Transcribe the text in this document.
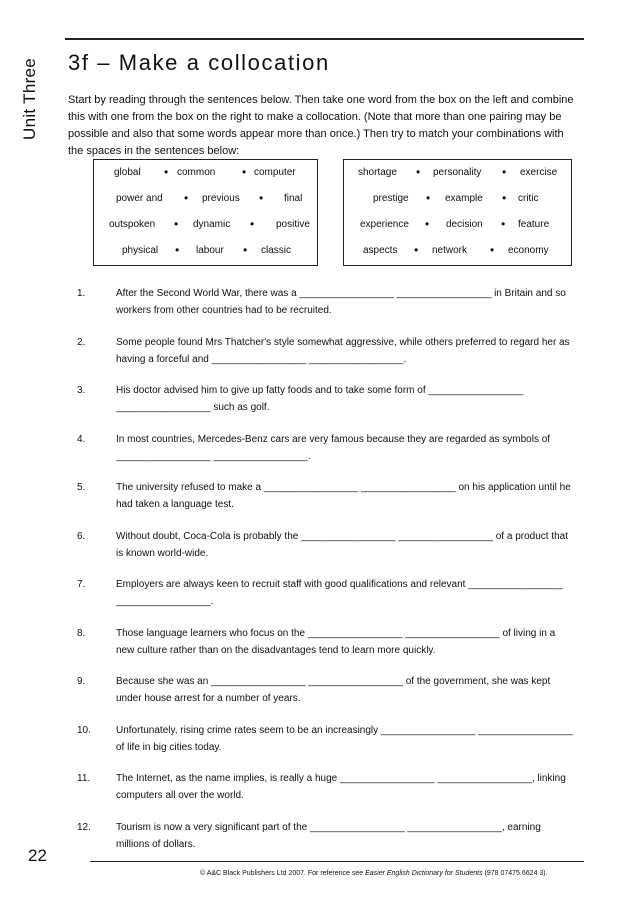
Unit Three	3f – Make a collocation
Start by reading through the sentences below. Then take one word from the box on the left and combine this with one from the box on the right to make a collocation. (Note that more than one pairing may be possible and also that some words appear more than once.) Then try to match your combinations with the spaces in the sentences below:
global • common • computer
power and • previous • final
outspoken • dynamic • positive
physical • labour • classic
shortage • personality • exercise
prestige • example • critic
experience • decision • feature
aspects • network • economy
1.	After the Second World War, there was a _________________ _________________ in Britain and so workers from other countries had to be recruited.
2.	Some people found Mrs Thatcher's style somewhat aggressive, while others preferred to regard her as having a forceful and _________________ _________________.
3.	His doctor advised him to give up fatty foods and to take some form of _________________ _________________ such as golf.
4.	In most countries, Mercedes-Benz cars are very famous because they are regarded as symbols of _________________ _________________.
5.	The university refused to make a _________________ _________________ on his application until he had taken a language test.
6.	Without doubt, Coca-Cola is probably the _________________ _________________ of a product that is known world-wide.
7.	Employers are always keen to recruit staff with good qualifications and relevant _________________ _________________.
8.	Those language learners who focus on the _________________ _________________ of living in a new culture rather than on the disadvantages tend to learn more quickly.
9.	Because she was an _________________ _________________ of the government, she was kept under house arrest for a number of years.
10.	Unfortunately, rising crime rates seem to be an increasingly _________________ _________________ of life in big cities today.
11.	The Internet, as the name implies, is really a huge _________________ _________________, linking computers all over the world.
12.	Tourism is now a very significant part of the _________________ _________________, earning millions of dollars.
22
© A&C Black Publishers Ltd 2007. For reference see Easier English Dictionary for Students (978 07475 6624 3).
